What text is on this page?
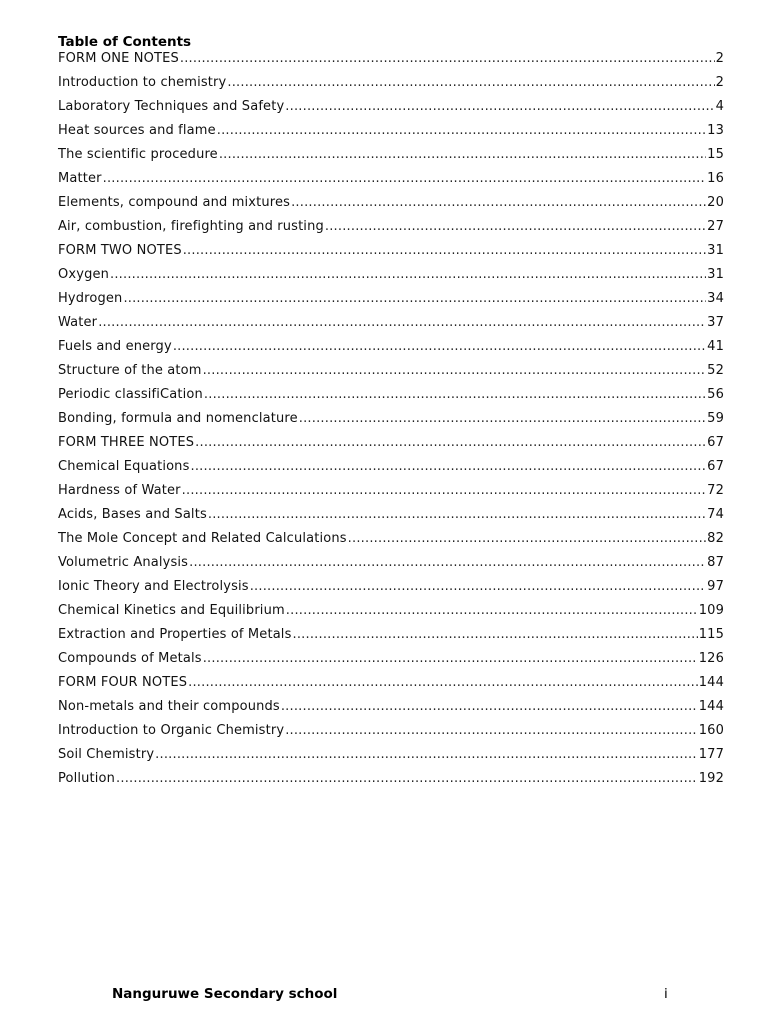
Table of Contents
FORM ONE NOTES .....	2
Introduction to chemistry .....	2
Laboratory Techniques and Safety .....	4
Heat sources and flame .....	13
The scientific procedure .....	15
Matter .....	16
Elements, compound and mixtures .....	20
Air, combustion, firefighting and rusting .....	27
FORM TWO NOTES .....	31
Oxygen .....	31
Hydrogen .....	34
Water .....	37
Fuels and energy .....	41
Structure of the atom .....	52
Periodic classifiCation .....	56
Bonding, formula and nomenclature .....	59
FORM THREE NOTES .....	67
Chemical Equations .....	67
Hardness of Water .....	72
Acids, Bases and Salts .....	74
The Mole Concept and Related Calculations .....	82
Volumetric Analysis .....	87
Ionic Theory and Electrolysis .....	97
Chemical Kinetics and Equilibrium .....	109
Extraction and Properties of Metals .....	115
Compounds of Metals .....	126
FORM FOUR NOTES .....	144
Non-metals and their compounds .....	144
Introduction to Organic Chemistry .....	160
Soil Chemistry .....	177
Pollution .....	192
Nanguruwe Secondary school	i
